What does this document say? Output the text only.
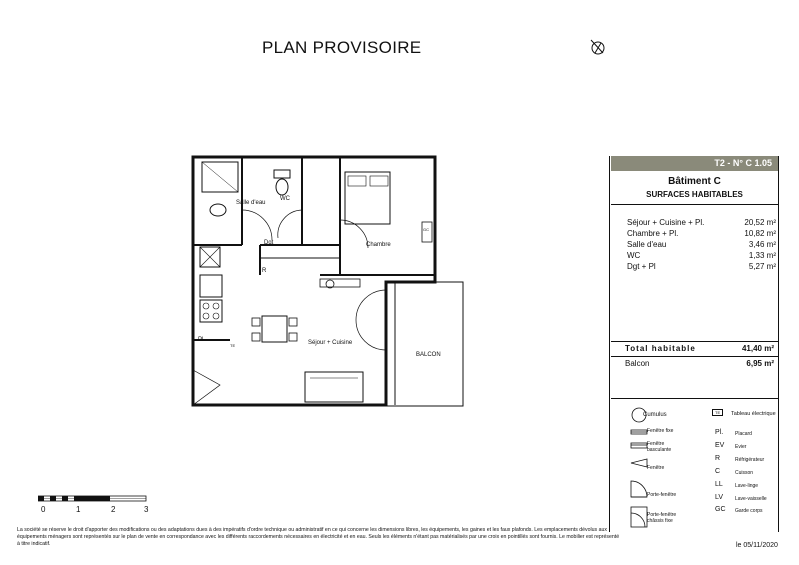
PLAN PROVISOIRE
Salle d'eau
WC
Dgt	Chambre
Séjour + Cuisine
BALCON
Pl
R
GC
TE
T2 - N° C 1.05
Bâtiment C
SURFACES HABITABLES
Séjour + Cuisine + Pl.	20,52 m²
Chambre + Pl.	10,82 m²
Salle d'eau	3,46 m²
WC	1,33 m²
Dgt + Pl	5,27 m²
Total habitable	41,40 m²
Balcon	6,95 m²
Cumulus	TE	Tableau électrique
Fenêtre fixe
Fenêtre basculante
Fenêtre
Porte-fenêtre
Porte-fenêtre châssis fixe
Pl. Placard
EV Evier
R	Réfrigérateur
C	Cuisson
LL Lave-linge
LV Lave-vaisselle
GC Garde corps
0	1	2	3
La société se réserve le droit d'apporter des modifications ou des adaptations dues à des impératifs d'ordre technique ou administratif en ce qui concerne les dimensions libres, les équipements, les gaines et les faux plafonds. Les emplacements dévolus aux équipements ménagers sont représentés sur le plan de vente en correspondance avec les différents raccordements nécessaires en électricité et en eau. Seuls les éléments n'étant pas matérialisés par une croix en pointillés sont fournis. Le mobilier est représenté à titre indicatif.	le 05/11/2020
